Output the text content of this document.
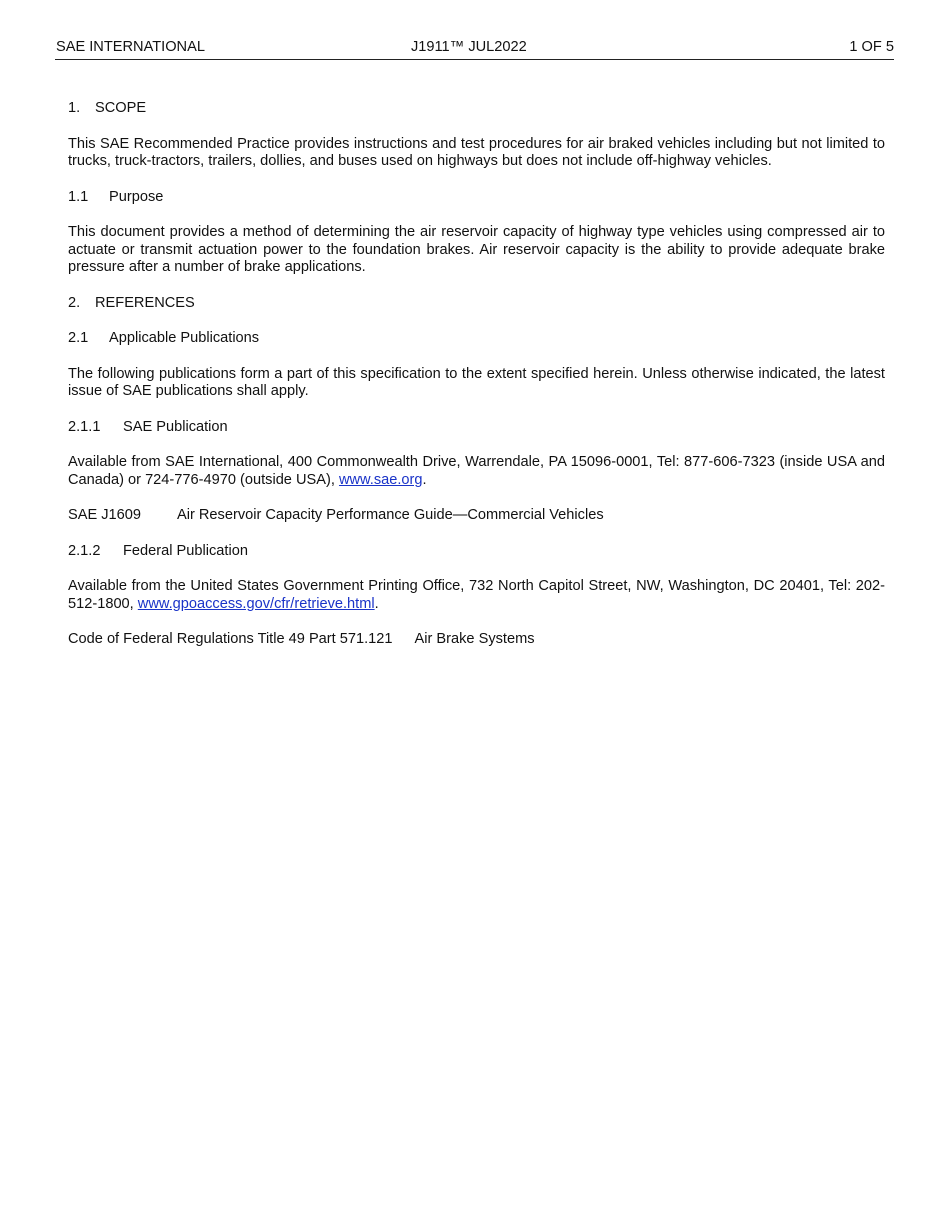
SAE INTERNATIONAL	J1911™ JUL2022	1 OF 5

1. SCOPE

This SAE Recommended Practice provides instructions and test procedures for air braked vehicles including but not limited to trucks, truck-tractors, trailers, dollies, and buses used on highways but does not include off-highway vehicles.

1.1 Purpose

This document provides a method of determining the air reservoir capacity of highway type vehicles using compressed air to actuate or transmit actuation power to the foundation brakes. Air reservoir capacity is the ability to provide adequate brake pressure after a number of brake applications.

2. REFERENCES

2.1 Applicable Publications

The following publications form a part of this specification to the extent specified herein. Unless otherwise indicated, the latest issue of SAE publications shall apply.

2.1.1 SAE Publication

Available from SAE International, 400 Commonwealth Drive, Warrendale, PA 15096-0001, Tel: 877-606-7323 (inside USA and Canada) or 724-776-4970 (outside USA), www.sae.org.

SAE J1609 Air Reservoir Capacity Performance Guide—Commercial Vehicles

2.1.2 Federal Publication

Available from the United States Government Printing Office, 732 North Capitol Street, NW, Washington, DC 20401, Tel: 202-512-1800, www.gpoaccess.gov/cfr/retrieve.html.

Code of Federal Regulations Title 49 Part 571.121 Air Brake Systems
